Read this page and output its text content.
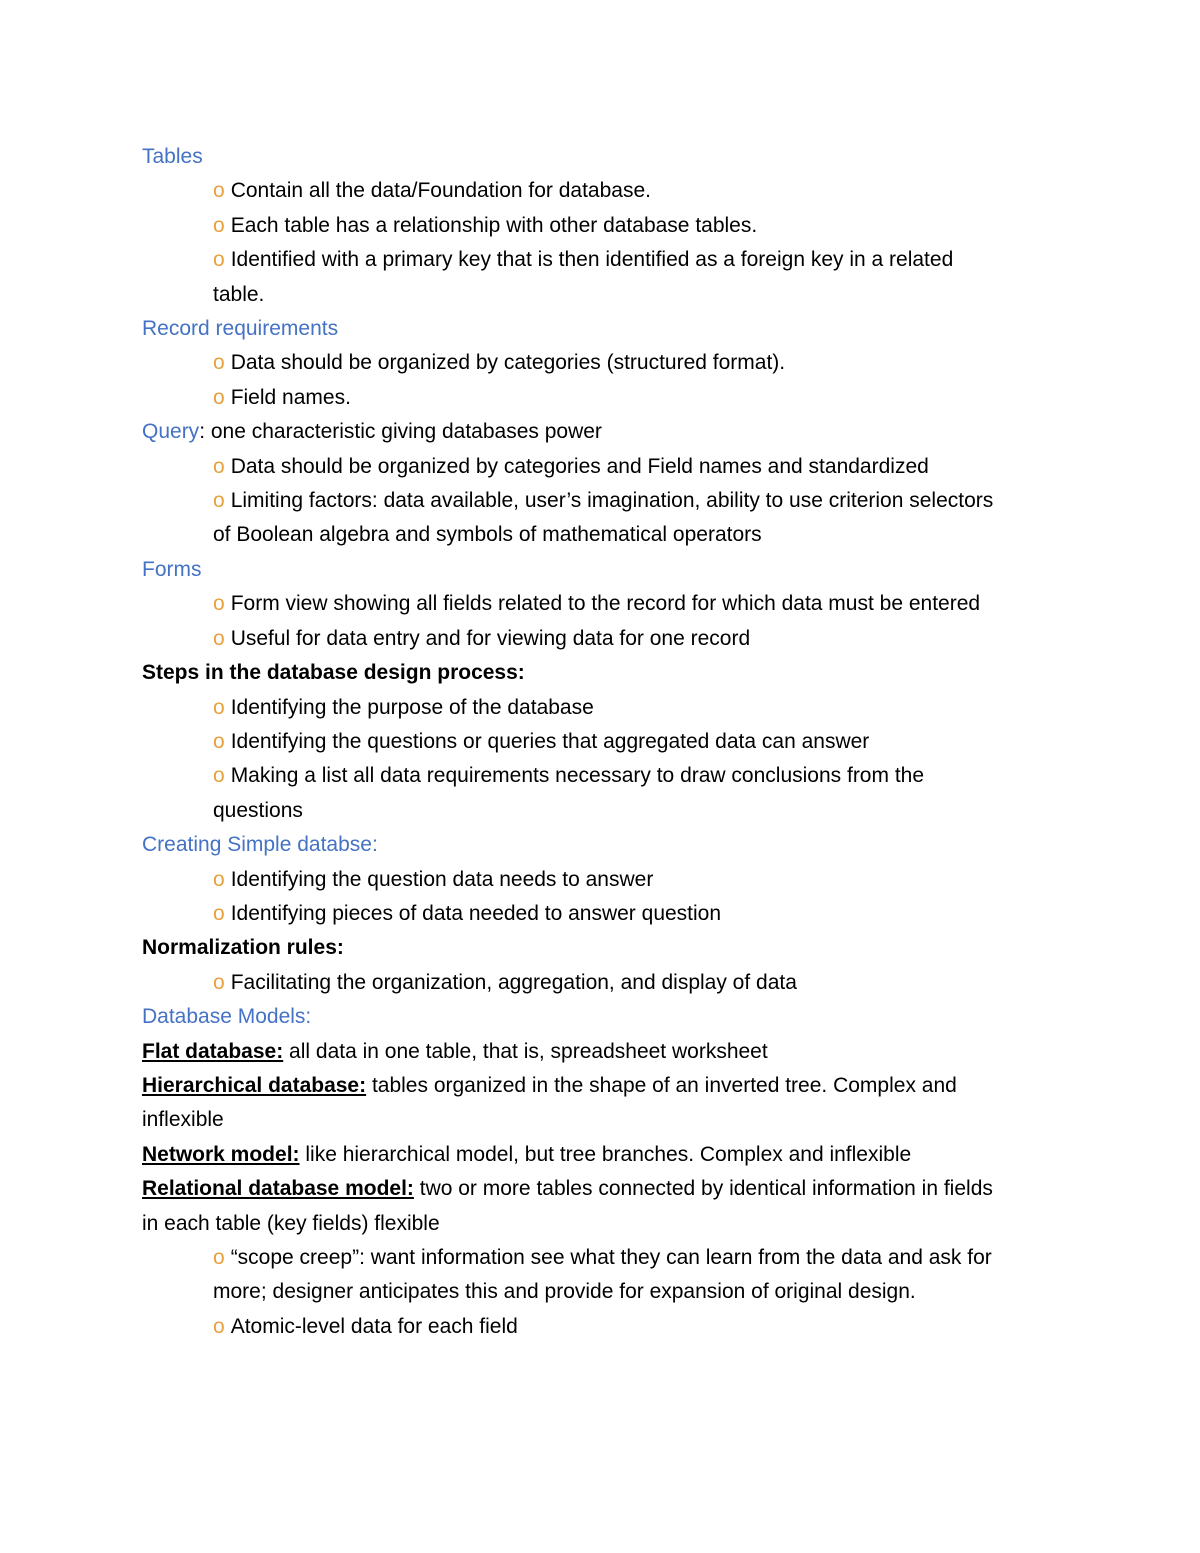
Tables
o Contain all the data/Foundation for database.
o Each table has a relationship with other database tables.
o Identified with a primary key that is then identified as a foreign key in a related
table.
Record requirements
o Data should be organized by categories (structured format).
o Field names.
Query: one characteristic giving databases power
o Data should be organized by categories and Field names and standardized
o Limiting factors: data available, user’s imagination, ability to use criterion selectors
of Boolean algebra and symbols of mathematical operators
Forms
o Form view showing all fields related to the record for which data must be entered
o Useful for data entry and for viewing data for one record
Steps in the database design process:
o Identifying the purpose of the database
o Identifying the questions or queries that aggregated data can answer
o Making a list all data requirements necessary to draw conclusions from the
questions
Creating Simple databse:
o Identifying the question data needs to answer
o Identifying pieces of data needed to answer question
Normalization rules:
o Facilitating the organization, aggregation, and display of data
Database Models:
Flat database: all data in one table, that is, spreadsheet worksheet
Hierarchical database: tables organized in the shape of an inverted tree. Complex and
inflexible
Network model: like hierarchical model, but tree branches. Complex and inflexible
Relational database model: two or more tables connected by identical information in fields
in each table (key fields) flexible
o “scope creep”: want information see what they can learn from the data and ask for
more; designer anticipates this and provide for expansion of original design.
o Atomic-level data for each field
